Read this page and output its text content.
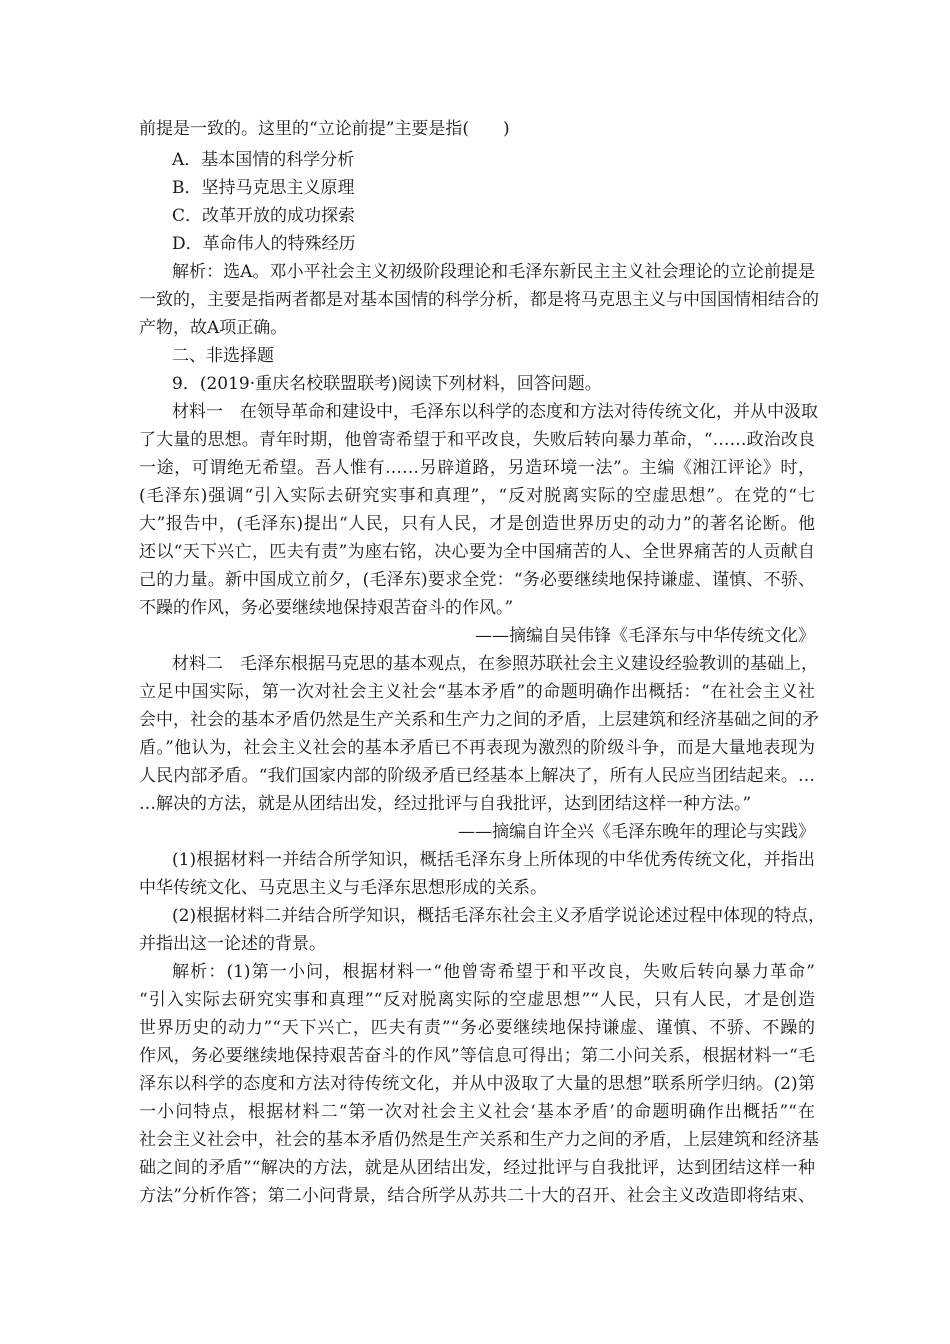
前提是一致的。这里的“立论前提”主要是指(　　)
A．基本国情的科学分析
B．坚持马克思主义原理
C．改革开放的成功探索
D．革命伟人的特殊经历
解析：选A。邓小平社会主义初级阶段理论和毛泽东新民主主义社会理论的立论前提是
一致的，主要是指两者都是对基本国情的科学分析，都是将马克思主义与中国国情相结合的
产物，故A项正确。
二、非选择题
9．(2019·重庆名校联盟联考)阅读下列材料，回答问题。
材料一　在领导革命和建设中，毛泽东以科学的态度和方法对待传统文化，并从中汲取
了大量的思想。青年时期，他曾寄希望于和平改良，失败后转向暴力革命，“……政治改良
一途，可谓绝无希望。吾人惟有……另辟道路，另造环境一法”。主编《湘江评论》时，
(毛泽东)强调“引入实际去研究实事和真理”，“反对脱离实际的空虚思想”。在党的“七
大”报告中，(毛泽东)提出“人民，只有人民，才是创造世界历史的动力”的著名论断。他
还以“天下兴亡，匹夫有责”为座右铭，决心要为全中国痛苦的人、全世界痛苦的人贡献自
己的力量。新中国成立前夕，(毛泽东)要求全党：“务必要继续地保持谦虚、谨慎、不骄、
不躁的作风，务必要继续地保持艰苦奋斗的作风。”
——摘编自吴伟锋《毛泽东与中华传统文化》
材料二　毛泽东根据马克思的基本观点，在参照苏联社会主义建设经验教训的基础上，
立足中国实际，第一次对社会主义社会“基本矛盾”的命题明确作出概括：“在社会主义社
会中，社会的基本矛盾仍然是生产关系和生产力之间的矛盾，上层建筑和经济基础之间的矛
盾。”他认为，社会主义社会的基本矛盾已不再表现为激烈的阶级斗争，而是大量地表现为
人民内部矛盾。“我们国家内部的阶级矛盾已经基本上解决了，所有人民应当团结起来。…
…解决的方法，就是从团结出发，经过批评与自我批评，达到团结这样一种方法。”
——摘编自许全兴《毛泽东晚年的理论与实践》
(1)根据材料一并结合所学知识，概括毛泽东身上所体现的中华优秀传统文化，并指出
中华传统文化、马克思主义与毛泽东思想形成的关系。
(2)根据材料二并结合所学知识，概括毛泽东社会主义矛盾学说论述过程中体现的特点，
并指出这一论述的背景。
解析：(1)第一小问，根据材料一“他曾寄希望于和平改良，失败后转向暴力革命”
“引入实际去研究实事和真理”“反对脱离实际的空虚思想”“人民，只有人民，才是创造
世界历史的动力”“天下兴亡，匹夫有责”“务必要继续地保持谦虚、谨慎、不骄、不躁的
作风，务必要继续地保持艰苦奋斗的作风”等信息可得出；第二小问关系，根据材料一“毛
泽东以科学的态度和方法对待传统文化，并从中汲取了大量的思想”联系所学归纳。(2)第
一小问特点，根据材料二“第一次对社会主义社会‘基本矛盾’的命题明确作出概括”“在
社会主义社会中，社会的基本矛盾仍然是生产关系和生产力之间的矛盾，上层建筑和经济基
础之间的矛盾”“解决的方法，就是从团结出发，经过批评与自我批评，达到团结这样一种
方法”分析作答；第二小问背景，结合所学从苏共二十大的召开、社会主义改造即将结束、
